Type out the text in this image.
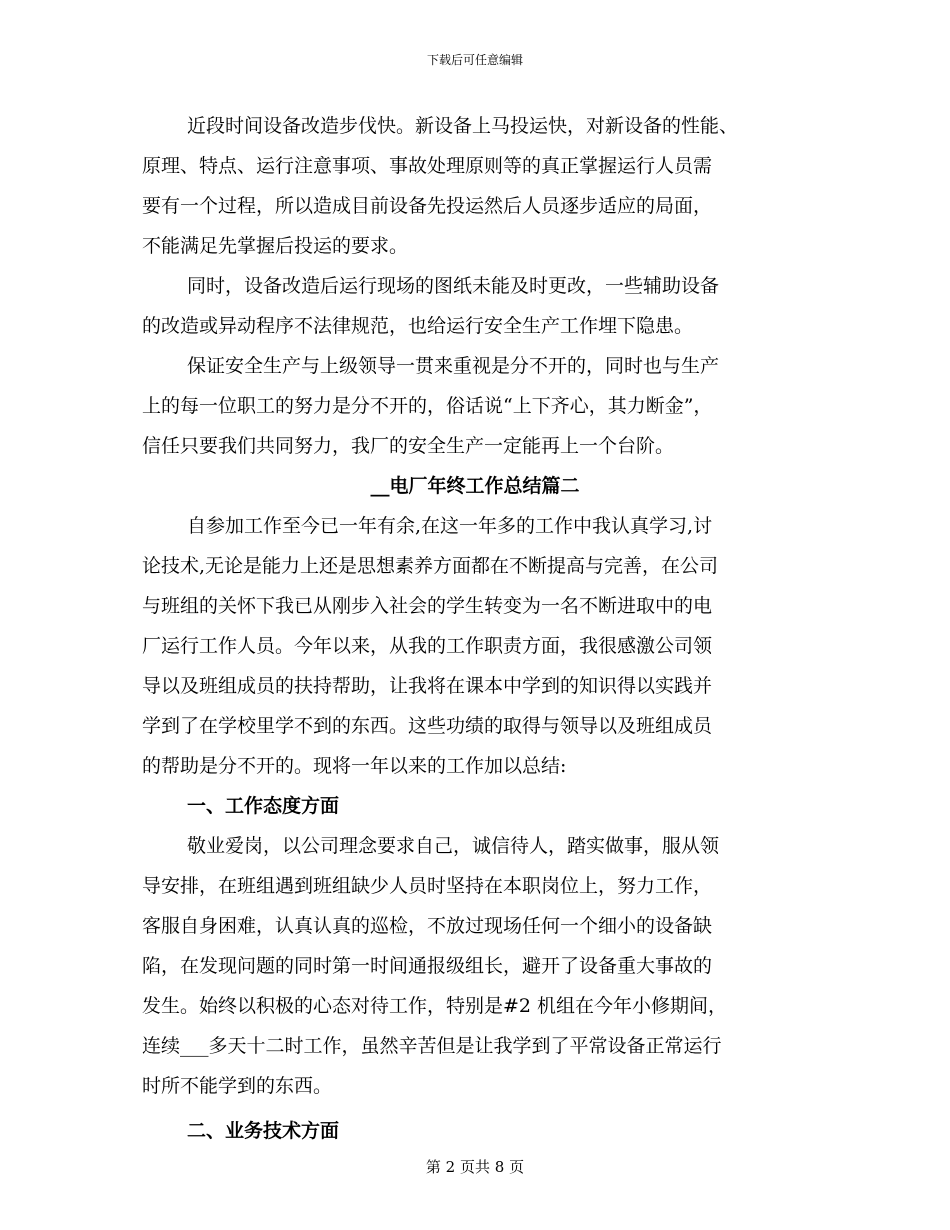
下载后可任意编辑
近段时间设备改造步伐快。新设备上马投运快，对新设备的性能、
原理、特点、运行注意事项、事故处理原则等的真正掌握运行人员需
要有一个过程，所以造成目前设备先投运然后人员逐步适应的局面，
不能满足先掌握后投运的要求。
同时，设备改造后运行现场的图纸未能及时更改，一些辅助设备
的改造或异动程序不法律规范，也给运行安全生产工作埋下隐患。
保证安全生产与上级领导一贯来重视是分不开的，同时也与生产
上的每一位职工的努力是分不开的，俗话说“上下齐心，其力断金”，
信任只要我们共同努力，我厂的安全生产一定能再上一个台阶。
__电厂年终工作总结篇二
自参加工作至今已一年有余,在这一年多的工作中我认真学习,讨
论技术,无论是能力上还是思想素养方面都在不断提高与完善，在公司
与班组的关怀下我已从刚步入社会的学生转变为一名不断进取中的电
厂运行工作人员。今年以来，从我的工作职责方面，我很感激公司领
导以及班组成员的扶持帮助，让我将在课本中学到的知识得以实践并
学到了在学校里学不到的东西。这些功绩的取得与领导以及班组成员
的帮助是分不开的。现将一年以来的工作加以总结:
一、工作态度方面
敬业爱岗，以公司理念要求自己，诚信待人，踏实做事，服从领
导安排，在班组遇到班组缺少人员时坚持在本职岗位上，努力工作，
客服自身困难，认真认真的巡检，不放过现场任何一个细小的设备缺
陷，在发现问题的同时第一时间通报级组长，避开了设备重大事故的
发生。始终以积极的心态对待工作，特别是#2 机组在今年小修期间，
连续___多天十二时工作，虽然辛苦但是让我学到了平常设备正常运行
时所不能学到的东西。
二、业务技术方面
第 2 页共 8 页
